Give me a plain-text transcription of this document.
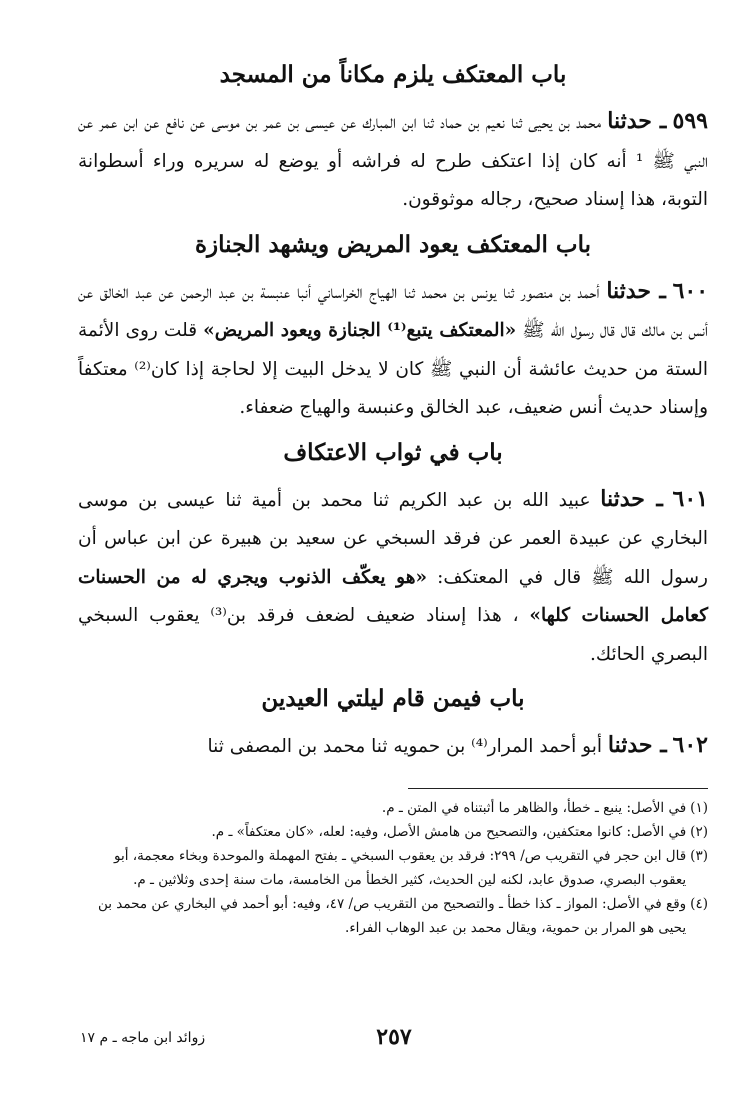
باب المعتكف يلزم مكاناً من المسجد

٥٩٩ ـ حدثنا محمد بن يحيى ثنا نعيم بن حماد ثنا ابن المبارك عن عيسى بن عمر بن موسى عن نافع عن ابن عمر عن النبي ﷺ ¹ أنه كان إذا اعتكف طرح له فراشه أو يوضع له سريره وراء أسطوانة التوبة، هذا إسناد صحيح، رجاله موثوقون.

باب المعتكف يعود المريض ويشهد الجنازة

٦٠٠ ـ حدثنا أحمد بن منصور ثنا يونس بن محمد ثنا الهياج الخراساني أنبا عنبسة بن عبد الرحمن عن عبد الخالق عن أنس بن مالك قال قال رسول الله ﷺ «المعتكف يتبع⁽¹⁾ الجنازة ويعود المريض» قلت روى الأئمة الستة من حديث عائشة أن النبي ﷺ كان لا يدخل البيت إلا لحاجة إذا كان⁽²⁾ معتكفاً وإسناد حديث أنس ضعيف، عبد الخالق وعنبسة والهياج ضعفاء.

باب في ثواب الاعتكاف

٦٠١ ـ حدثنا عبيد الله بن عبد الكريم ثنا محمد بن أمية ثنا عيسى بن موسى البخاري عن عبيدة العمر عن فرقد السبخي عن سعيد بن هبيرة عن ابن عباس أن رسول الله ﷺ قال في المعتكف: «هو يعكّف الذنوب ويجري له من الحسنات كعامل الحسنات كلها» ، هذا إسناد ضعيف لضعف فرقد بن⁽³⁾ يعقوب السبخي البصري الحائك.

باب فيمن قام ليلتي العيدين

٦٠٢ ـ حدثنا أبو أحمد المرار⁽⁴⁾ بن حمويه ثنا محمد بن المصفى ثنا

(١)
في الأصل: ينبع ـ خطأ، والظاهر ما أثبتناه في المتن ـ م.
(٢)
في الأصل: كانوا معتكفين، والتصحيح من هامش الأصل، وفيه: لعله، «كان معتكفاً» ـ م.
(٣)
قال ابن حجر في التقريب ص/ ٢٩٩: فرقد بن يعقوب السبخي ـ بفتح المهملة والموحدة وبخاء معجمة، أبو يعقوب البصري، صدوق عابد، لكنه لين الحديث، كثير الخطأ من الخامسة، مات سنة إحدى وثلاثين ـ م.
(٤)
وقع في الأصل: المواز ـ كذا خطأ ـ والتصحيح من التقريب ص/ ٤٧، وفيه: أبو أحمد في البخاري عن محمد بن يحيى هو المرار بن حموية، ويقال محمد بن عبد الوهاب الفراء.
٢٥٧
زوائد ابن ماجه ـ م ١٧
